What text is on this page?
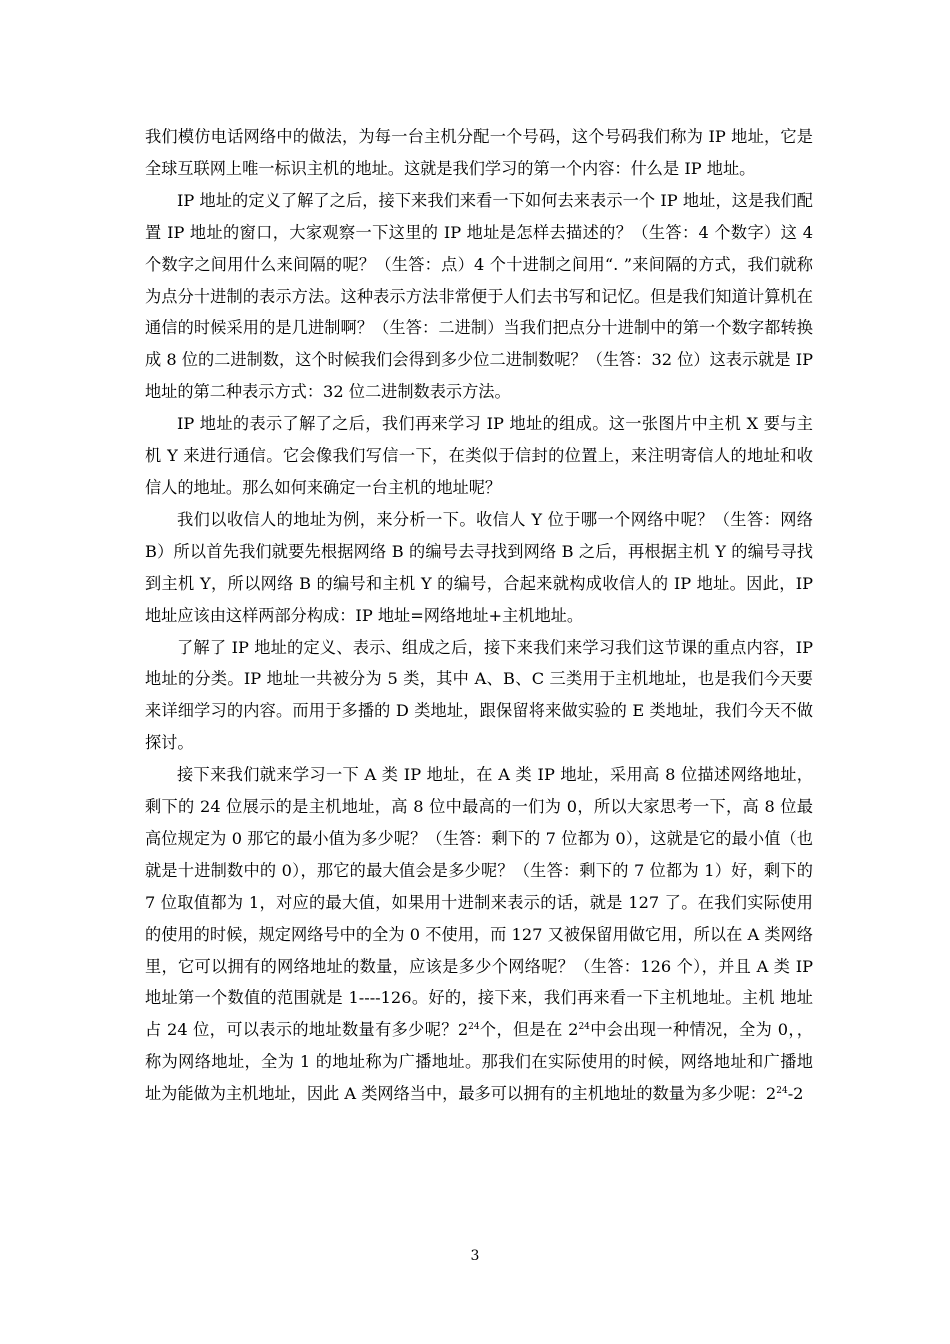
我们模仿电话网络中的做法，为每一台主机分配一个号码，这个号码我们称为 IP 地址，它是全球互联网上唯一标识主机的地址。这就是我们学习的第一个内容：什么是 IP 地址。

IP 地址的定义了解了之后，接下来我们来看一下如何去来表示一个 IP 地址，这是我们配置 IP 地址的窗口，大家观察一下这里的 IP 地址是怎样去描述的？（生答：4 个数字）这 4 个数字之间用什么来间隔的呢？（生答：点）4 个十进制之间用“. ”来间隔的方式，我们就称为点分十进制的表示方法。这种表示方法非常便于人们去书写和记忆。但是我们知道计算机在通信的时候采用的是几进制啊？（生答：二进制）当我们把点分十进制中的第一个数字都转换成 8 位的二进制数，这个时候我们会得到多少位二进制数呢？（生答：32 位）这表示就是 IP 地址的第二种表示方式：32 位二进制数表示方法。

IP 地址的表示了解了之后，我们再来学习 IP 地址的组成。这一张图片中主机 X 要与主机 Y 来进行通信。它会像我们写信一下，在类似于信封的位置上，来注明寄信人的地址和收信人的地址。那么如何来确定一台主机的地址呢？

我们以收信人的地址为例，来分析一下。收信人 Y 位于哪一个网络中呢？（生答：网络 B）所以首先我们就要先根据网络 B 的编号去寻找到网络 B 之后，再根据主机 Y 的编号寻找到主机 Y，所以网络 B 的编号和主机 Y 的编号，合起来就构成收信人的 IP 地址。因此，IP 地址应该由这样两部分构成：IP 地址=网络地址+主机地址。

了解了 IP 地址的定义、表示、组成之后，接下来我们来学习我们这节课的重点内容，IP 地址的分类。IP 地址一共被分为 5 类，其中 A、B、C 三类用于主机地址，也是我们今天要来详细学习的内容。而用于多播的 D 类地址，跟保留将来做实验的 E 类地址，我们今天不做探讨。

接下来我们就来学习一下 A 类 IP 地址，在 A 类 IP 地址，采用高 8 位描述网络地址，剩下的 24 位展示的是主机地址，高 8 位中最高的一们为 0，所以大家思考一下，高 8 位最高位规定为 0 那它的最小值为多少呢？（生答：剩下的 7 位都为 0），这就是它的最小值（也就是十进制数中的 0），那它的最大值会是多少呢？（生答：剩下的 7 位都为 1）好，剩下的 7 位取值都为 1，对应的最大值，如果用十进制来表示的话，就是 127 了。在我们实际使用的使用的时候，规定网络号中的全为 0 不使用，而 127 又被保留用做它用，所以在 A 类网络里，它可以拥有的网络地址的数量，应该是多少个网络呢？（生答：126 个），并且 A 类 IP 地址第一个数值的范围就是 1----126。好的，接下来，我们再来看一下主机地址。主机 地址占 24 位，可以表示的地址数量有多少呢？$2^{24}$个，但是在 $2^{24}$中会出现一种情况，全为 0，，称为网络地址，全为 1 的地址称为广播地址。那我们在实际使用的时候，网络地址和广播地址为能做为主机地址，因此 A 类网络当中，最多可以拥有的主机地址的数量为多少呢：$2^{24}-2$

3
